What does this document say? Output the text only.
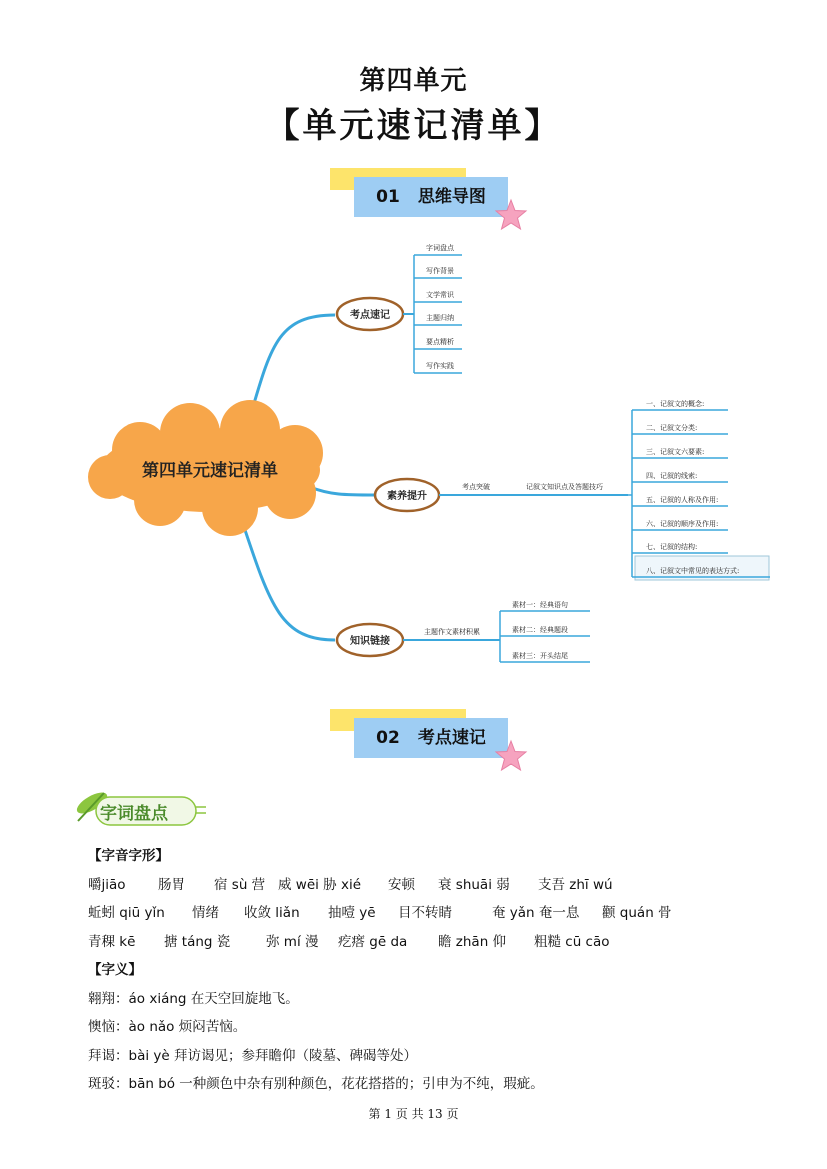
第四单元
【单元速记清单】
01 思维导图
第四单元速记清单
考点速记
字词盘点
写作背景
文学常识
主题归纳
要点精析
写作实践
素养提升
考点突破	记叙文知识点及答题技巧
一、记叙文的概念:
二、记叙文分类:
三、记叙文六要素:
四、记叙的线索:
五、记叙的人称及作用:
六、记叙的顺序及作用:
七、记叙的结构:
八、记叙文中常见的表达方式:
知识链接
主题作文素材积累
素材一：经典语句
素材二：经典题段
素材三：开头结尾
02 考点速记
字词盘点
【字音字形】
嚼jiāo 肠胃 宿 sù 营 威 wēi 胁 xié 安顿 衰 shuāi 弱 支吾 zhī wú
蚯蚓 qiū yǐn 情绪 收敛 liǎn 抽噎 yē 目不转睛	奄 yǎn 奄一息 颧 quán 骨
青稞 kē 搪 táng 瓷	弥 mí 漫 疙瘩 gē da 瞻 zhān 仰 粗糙 cū cāo
【字义】
翱翔：áo xiáng 在天空回旋地飞。
懊恼：ào nǎo 烦闷苦恼。
拜谒：bài yè 拜访谒见；参拜瞻仰（陵墓、碑碣等处）
斑驳：bān bó 一种颜色中杂有别种颜色，花花搭搭的；引申为不纯，瑕疵。
第 1 页 共 13 页
